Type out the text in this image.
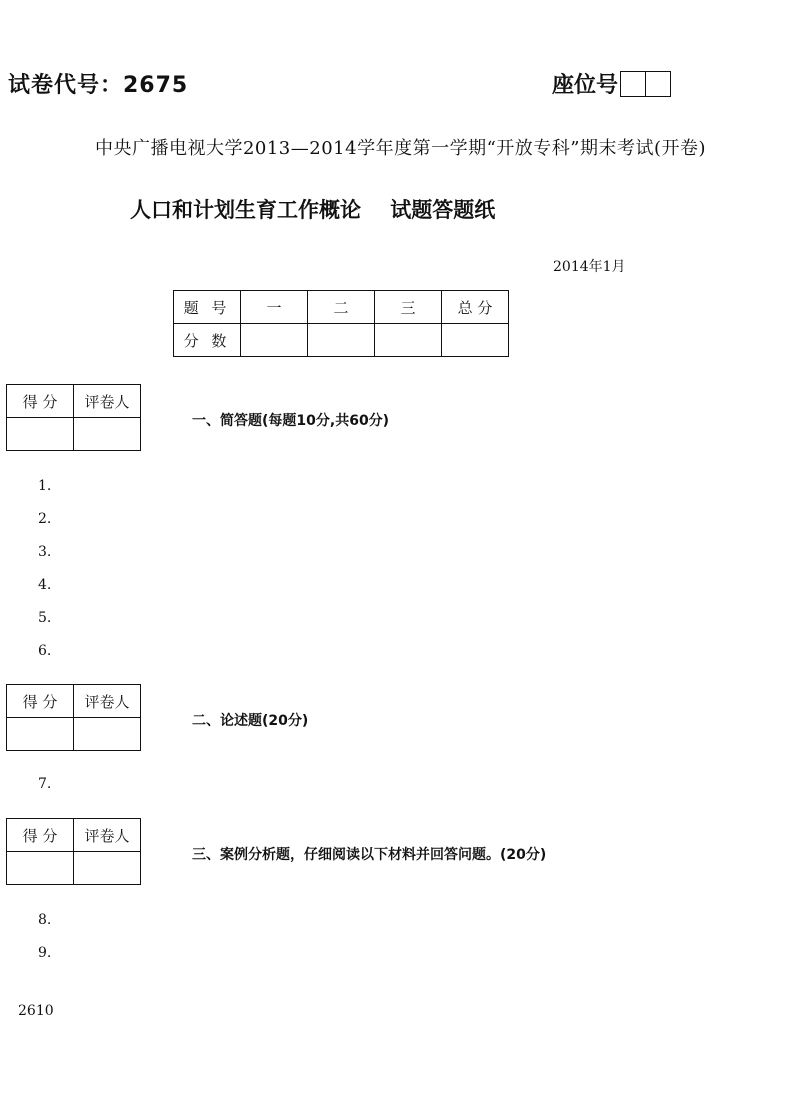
试卷代号：2675	座位号
中央广播电视大学2013—2014学年度第一学期“开放专科”期末考试(开卷)
人口和计划生育工作概论    试题答题纸
2014年1月
题 号	一	二	三	总 分
分 数				
得 分	评卷人

一、简答题(每题10分,共60分)
1.
2.
3.
4.
5.
6.
得 分	评卷人

二、论述题(20分)
7.
得 分	评卷人

三、案例分析题，仔细阅读以下材料并回答问题。(20分)
8.
9.
2610
